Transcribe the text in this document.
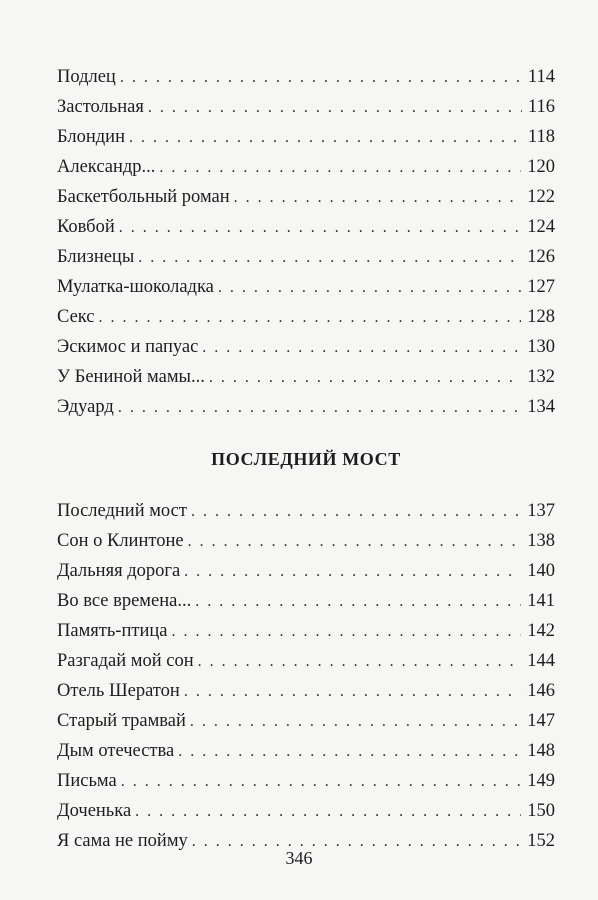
Подлец . . .	114
Застольная . . .	116
Блондин . . .	118
Александр... . . .	120
Баскетбольный роман . . .	122
Ковбой . . .	124
Близнецы . . .	126
Мулатка-шоколадка . . .	127
Секс . . .	128
Эскимос и папуас . . .	130
У Бениной мамы... . . .	132
Эдуард . . .	134
ПОСЛЕДНИЙ МОСТ
Последний мост . . .	137
Сон о Клинтоне . . .	138
Дальняя дорога . . .	140
Во все времена... . . .	141
Память-птица . . .	142
Разгадай мой сон . . .	144
Отель Шератон . . .	146
Старый трамвай . . .	147
Дым отечества . . .	148
Письма . . .	149
Доченька . . .	150
Я сама не пойму . . .	152
346
